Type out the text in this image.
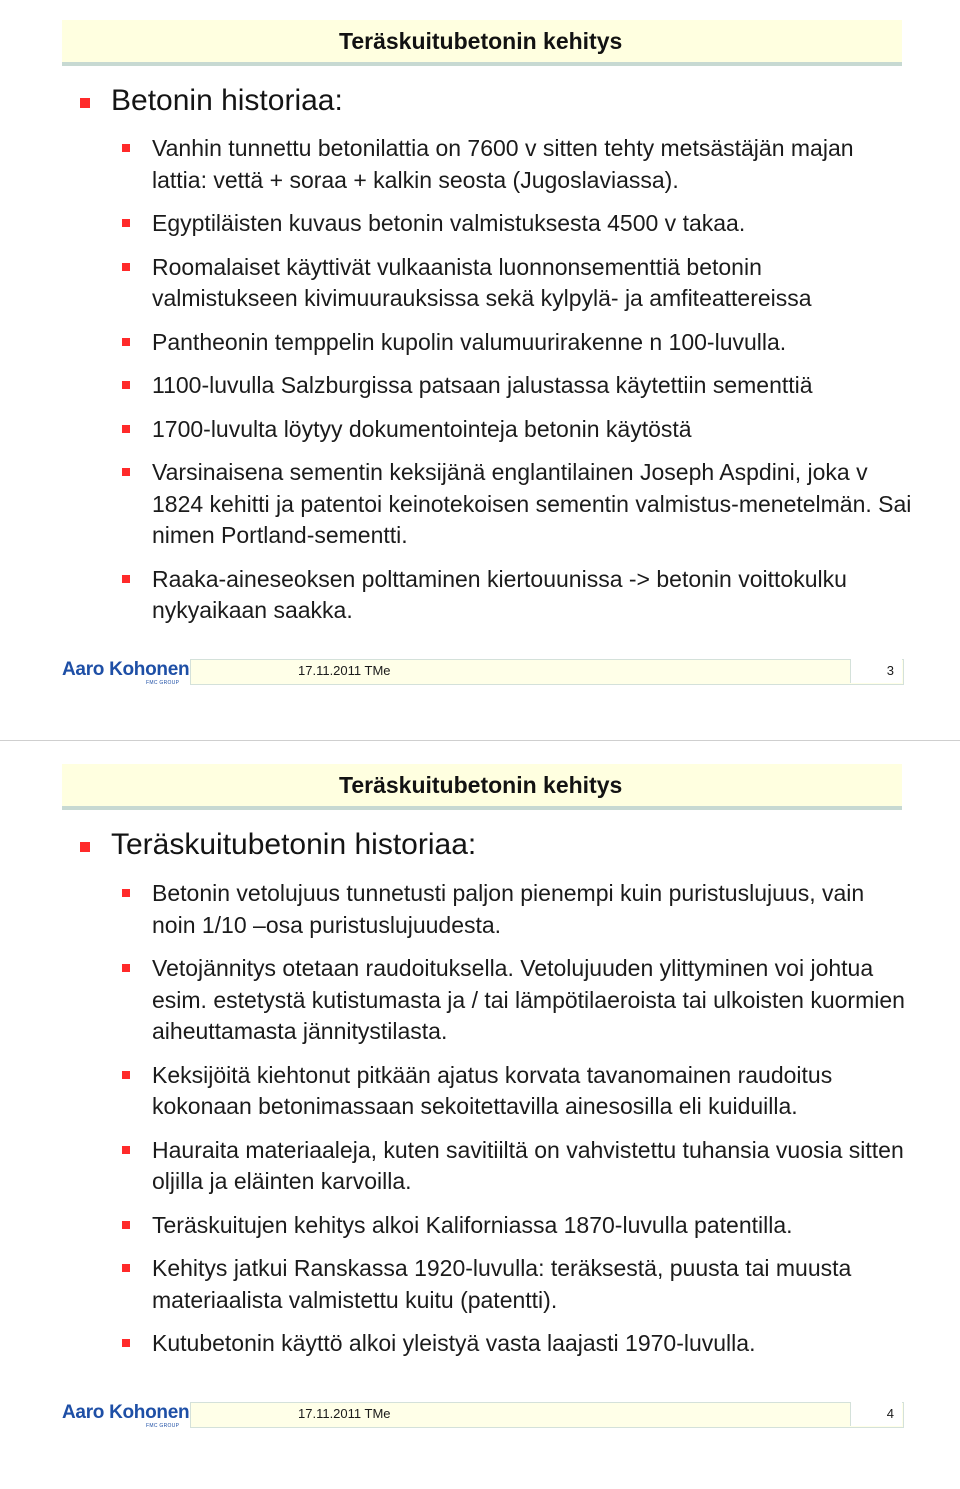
Teräskuitubetonin kehitys
Betonin historiaa:
Vanhin tunnettu betonilattia on 7600 v sitten tehty metsästäjän majan lattia: vettä + soraa + kalkin seosta (Jugoslaviassa).
Egyptiläisten kuvaus betonin valmistuksesta 4500 v takaa.
Roomalaiset käyttivät vulkaanista luonnonsementtiä betonin valmistukseen kivimuurauksissa sekä kylpylä- ja amfiteattereissa
Pantheonin temppelin kupolin valumuurirakenne n 100-luvulla.
1100-luvulla Salzburgissa patsaan jalustassa käytettiin sementtiä
1700-luvulta löytyy dokumentointeja betonin käytöstä
Varsinaisena sementin keksijänä englantilainen Joseph Aspdini, joka v 1824 kehitti ja patentoi keinotekoisen sementin valmistus-menetelmän. Sai nimen Portland-sementti.
Raaka-aineseoksen polttaminen kiertouunissa -> betonin voittokulku nykyaikaan saakka.
Aaro Kohonen
FMC GROUP
17.11.2011 TMe	3
Teräskuitubetonin kehitys
Teräskuitubetonin historiaa:
Betonin vetolujuus tunnetusti paljon pienempi kuin puristuslujuus, vain noin 1/10 –osa puristuslujuudesta.
Vetojännitys otetaan raudoituksella. Vetolujuuden ylittyminen voi johtua esim. estetystä kutistumasta ja / tai lämpötilaeroista tai ulkoisten kuormien aiheuttamasta jännitystilasta.
Keksijöitä kiehtonut pitkään ajatus korvata tavanomainen raudoitus kokonaan betonimassaan sekoitettavilla ainesosilla eli kuiduilla.
Hauraita materiaaleja, kuten savitiiltä on vahvistettu tuhansia vuosia sitten oljilla ja eläinten karvoilla.
Teräskuitujen kehitys alkoi Kaliforniassa 1870-luvulla patentilla.
Kehitys jatkui Ranskassa 1920-luvulla: teräksestä, puusta tai muusta materiaalista valmistettu kuitu (patentti).
Kutubetonin käyttö alkoi yleistyä vasta laajasti 1970-luvulla.
Aaro Kohonen
FMC GROUP
17.11.2011 TMe	4
